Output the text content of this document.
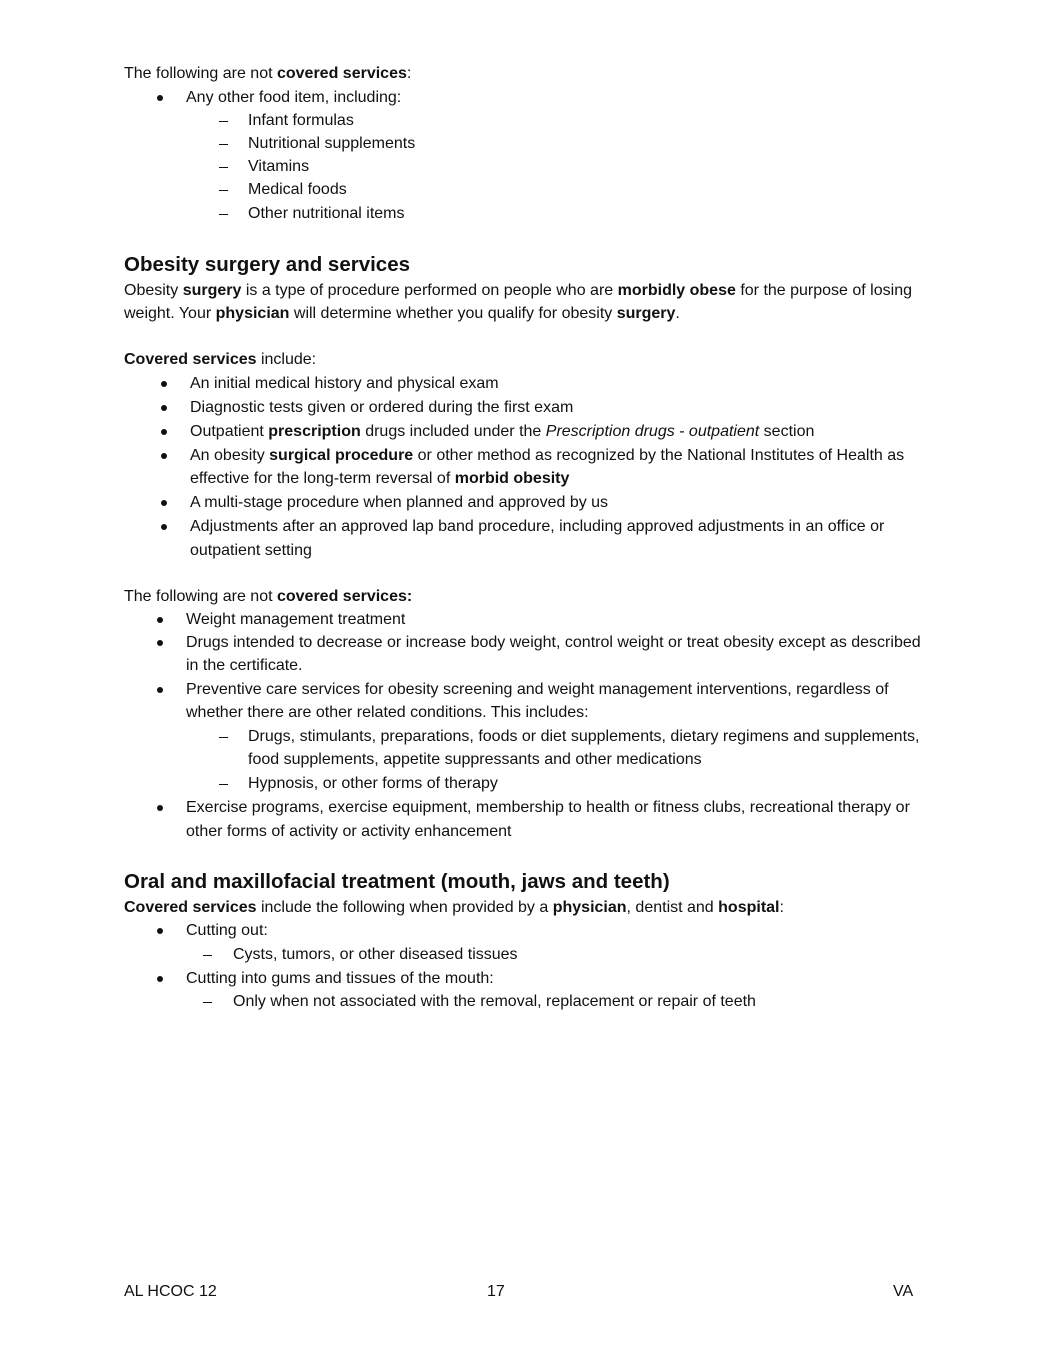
The following are not covered services:
Any other food item, including:
Infant formulas
Nutritional supplements
Vitamins
Medical foods
Other nutritional items
Obesity surgery and services
Obesity surgery is a type of procedure performed on people who are morbidly obese for the purpose of losing
weight. Your physician will determine whether you qualify for obesity surgery.
Covered services include:
An initial medical history and physical exam
Diagnostic tests given or ordered during the first exam
Outpatient prescription drugs included under the Prescription drugs - outpatient section
An obesity surgical procedure or other method as recognized by the National Institutes of Health as
effective for the long-term reversal of morbid obesity
A multi-stage procedure when planned and approved by us
Adjustments after an approved lap band procedure, including approved adjustments in an office or
outpatient setting
The following are not covered services:
Weight management treatment
Drugs intended to decrease or increase body weight, control weight or treat obesity except as described
in the certificate.
Preventive care services for obesity screening and weight management interventions, regardless of
whether there are other related conditions. This includes:
Drugs, stimulants, preparations, foods or diet supplements, dietary regimens and supplements,
food supplements, appetite suppressants and other medications
Hypnosis, or other forms of therapy
Exercise programs, exercise equipment, membership to health or fitness clubs, recreational therapy or
other forms of activity or activity enhancement
Oral and maxillofacial treatment (mouth, jaws and teeth)
Covered services include the following when provided by a physician, dentist and hospital:
Cutting out:
Cysts, tumors, or other diseased tissues
Cutting into gums and tissues of the mouth:
Only when not associated with the removal, replacement or repair of teeth
AL HCOC 12	17	VA
